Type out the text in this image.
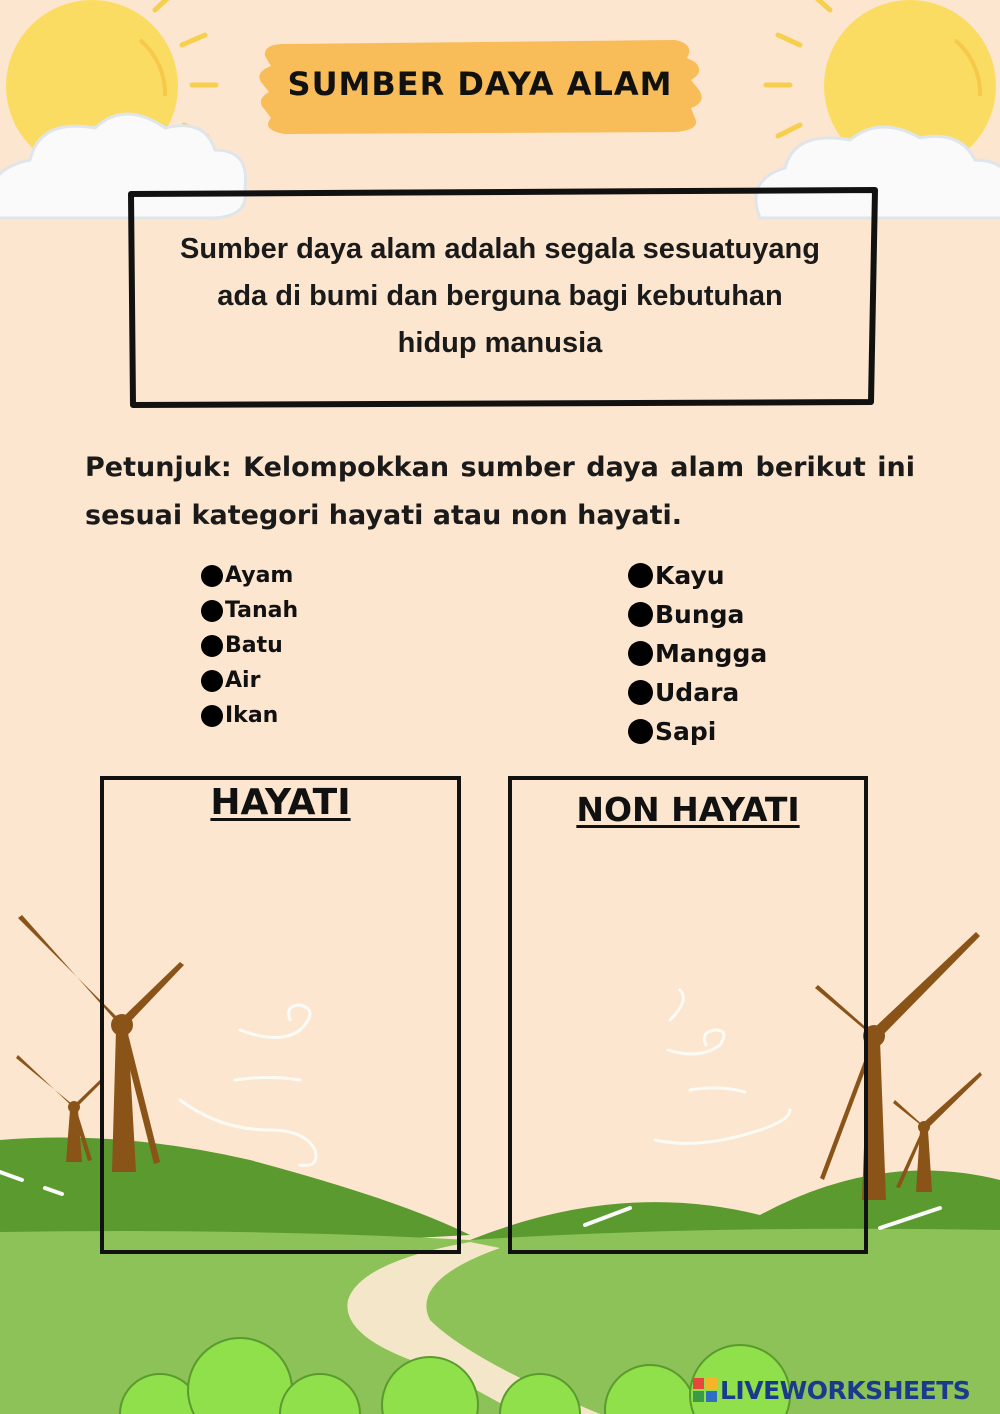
SUMBER DAYA ALAM
Sumber daya alam adalah segala sesuatuyang ada di bumi dan berguna bagi kebutuhan hidup manusia
Petunjuk: Kelompokkan sumber daya alam berikut ini sesuai kategori hayati atau non hayati.
Ayam
Tanah
Batu
Air
Ikan
Kayu
Bunga
Mangga
Udara
Sapi
HAYATI	NON HAYATI
LIVEWORKSHEETS
